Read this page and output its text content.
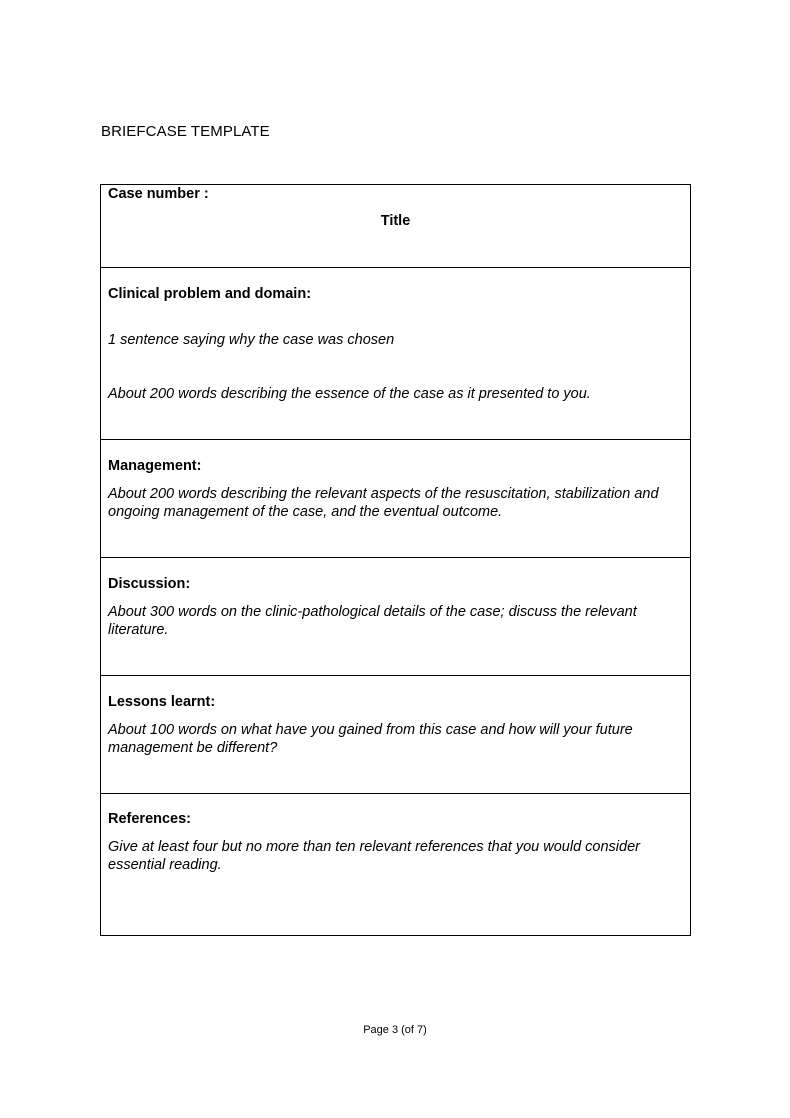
BRIEFCASE TEMPLATE
Case number :
Title
Clinical problem and domain:
1 sentence saying why the case was chosen
About 200 words describing the essence of the case as it presented to you.
Management:
About 200 words describing the relevant aspects of the resuscitation, stabilization and ongoing management of the case, and the eventual outcome.
Discussion:
About 300 words on the clinic-pathological details of the case; discuss the relevant literature.
Lessons learnt:
About 100 words on what have you gained from this case and how will your future management be different?
References:
Give at least four but no more than ten relevant references that you would consider essential reading.
Page 3 (of 7)
